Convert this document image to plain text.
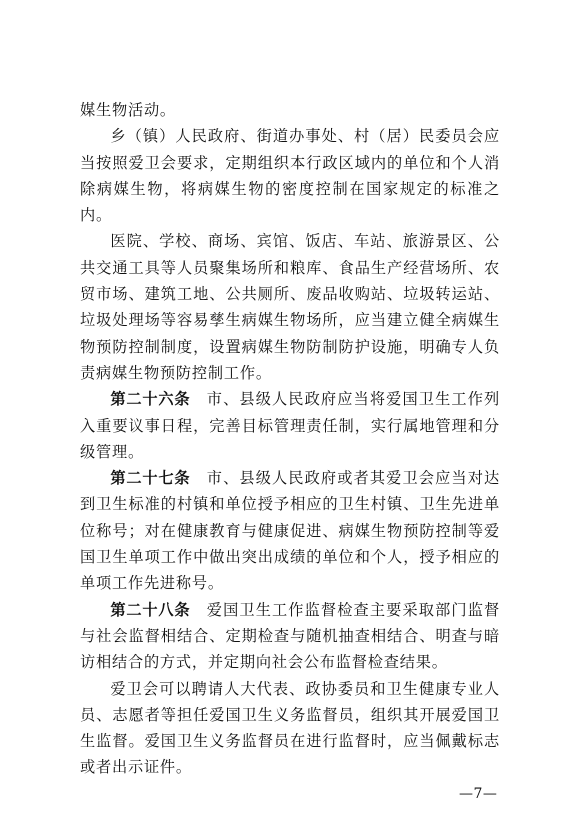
媒生物活动。

乡（镇）人民政府、街道办事处、村（居）民委员会应当按照爱卫会要求，定期组织本行政区域内的单位和个人消除病媒生物，将病媒生物的密度控制在国家规定的标准之内。

医院、学校、商场、宾馆、饭店、车站、旅游景区、公共交通工具等人员聚集场所和粮库、食品生产经营场所、农贸市场、建筑工地、公共厕所、废品收购站、垃圾转运站、垃圾处理场等容易孳生病媒生物场所，应当建立健全病媒生物预防控制制度，设置病媒生物防制防护设施，明确专人负责病媒生物预防控制工作。

第二十六条　市、县级人民政府应当将爱国卫生工作列入重要议事日程，完善目标管理责任制，实行属地管理和分级管理。

第二十七条　市、县级人民政府或者其爱卫会应当对达到卫生标准的村镇和单位授予相应的卫生村镇、卫生先进单位称号；对在健康教育与健康促进、病媒生物预防控制等爱国卫生单项工作中做出突出成绩的单位和个人，授予相应的单项工作先进称号。

第二十八条　爱国卫生工作监督检查主要采取部门监督与社会监督相结合、定期检查与随机抽查相结合、明查与暗访相结合的方式，并定期向社会公布监督检查结果。

爱卫会可以聘请人大代表、政协委员和卫生健康专业人员、志愿者等担任爱国卫生义务监督员，组织其开展爱国卫生监督。爱国卫生义务监督员在进行监督时，应当佩戴标志或者出示证件。

—7—
